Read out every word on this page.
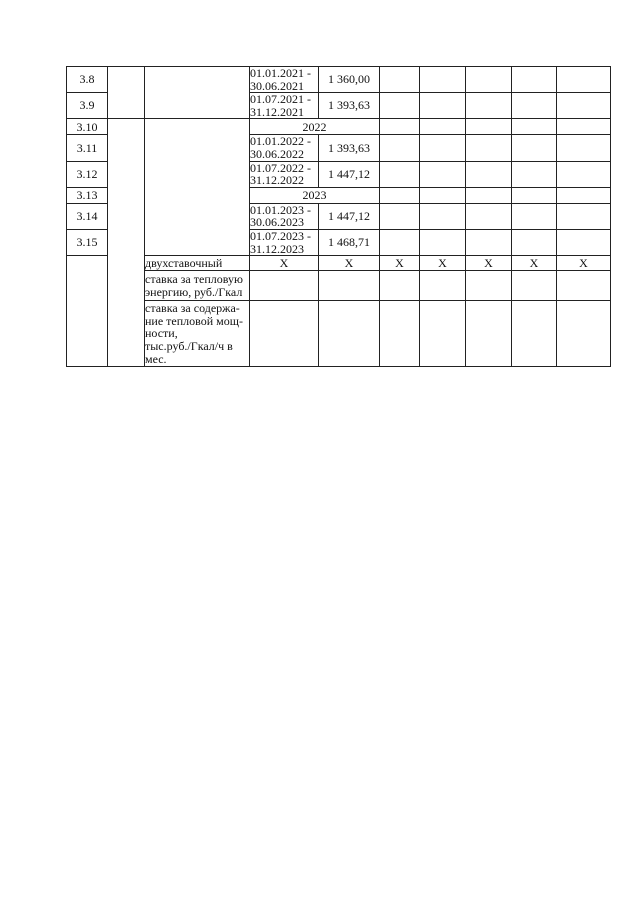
3.8			01.01.2021 -
30.06.2021	1 360,00					
3.9			01.07.2021 -
31.12.2021	1 393,63					
3.10			2022						
3.11			01.01.2022 -
30.06.2022	1 393,63					
3.12			01.07.2022 -
31.12.2022	1 447,12					
3.13			2023						
3.14			01.01.2023 -
30.06.2023	1 447,12					
3.15			01.07.2023 -
31.12.2023	1 468,71					
		двухставочный	X	X	X	X	X	X	X
		ставка за тепловую энергию, руб./Гкал							

		ставка за содержа-
ние тепловой мощ-
ности,
тыс.руб./Гкал/ч в
мес.							
